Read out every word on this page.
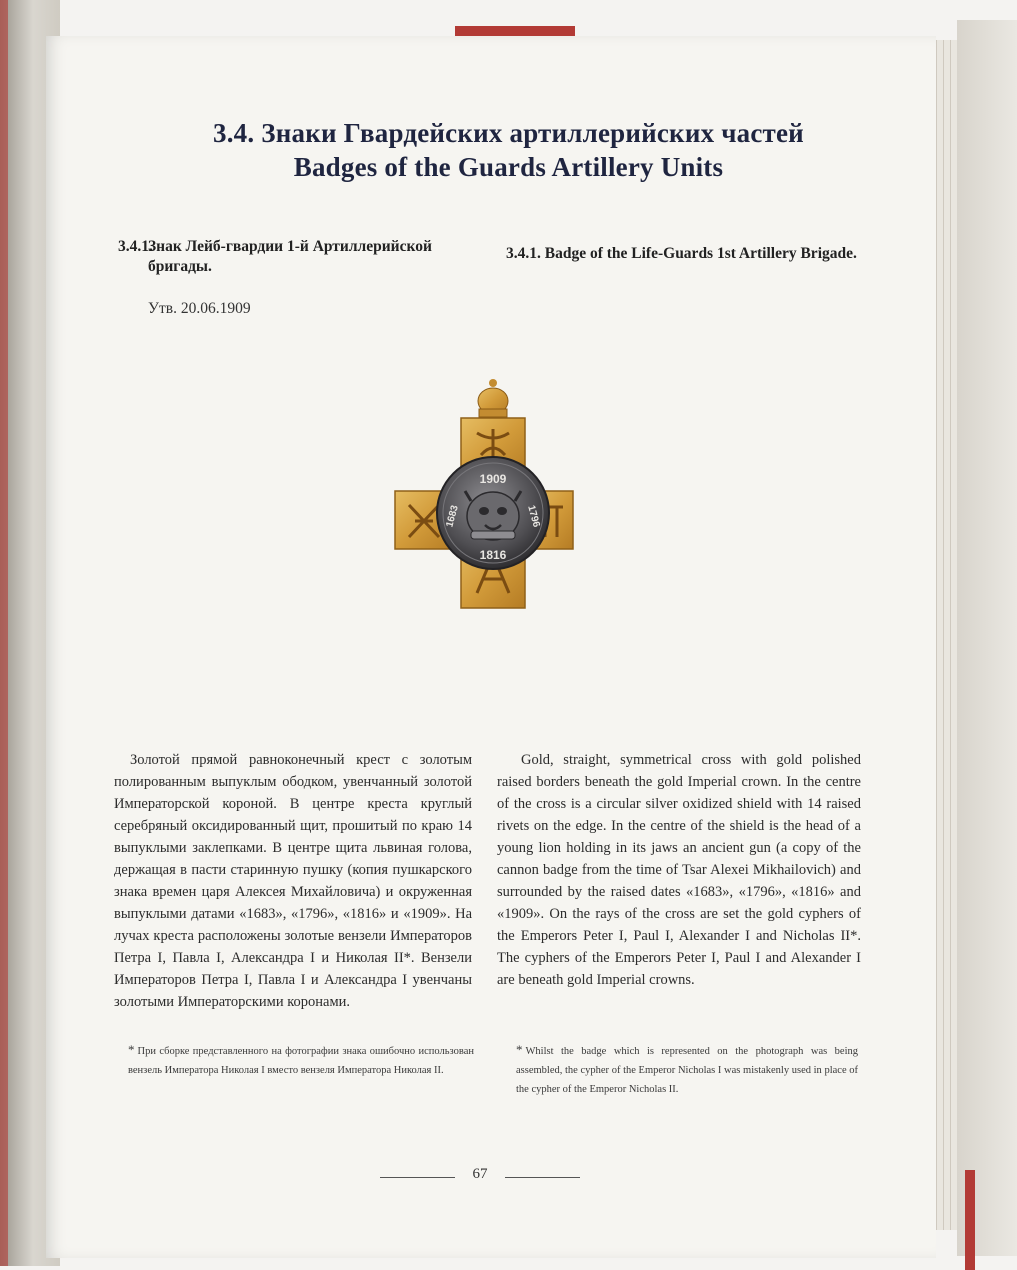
3.4. Знаки Гвардейских артиллерийских частей
Badges of the Guards Artillery Units
3.4.1.Знак Лейб-гвардии 1-й Артиллерийской
бригады.
3.4.1. Badge of the Life-Guards 1st Artillery Brigade.
Утв. 20.06.1909
1909
1816
1683	1796
Золотой прямой равноконечный крест с золотым полированным выпуклым ободком, увенчанный золотой Императорской короной. В центре креста круглый серебряный оксидированный щит, прошитый по краю 14 выпуклыми заклепками. В центре щита львиная голова, держащая в пасти старинную пушку (копия пушкарского знака времен царя Алексея Михайловича) и окруженная выпуклыми датами «1683», «1796», «1816» и «1909». На лучах креста расположены золотые вензели Императоров Петра I, Павла I, Александра I и Николая II*. Вензели Императоров Петра I, Павла I и Александра I увенчаны золотыми Императорскими коронами.
Gold, straight, symmetrical cross with gold polished raised borders beneath the gold Imperial crown. In the centre of the cross is a circular silver oxidized shield with 14 raised rivets on the edge. In the centre of the shield is the head of a young lion holding in its jaws an ancient gun (a copy of the cannon badge from the time of Tsar Alexei Mikhailovich) and surrounded by the raised dates «1683», «1796», «1816» and «1909». On the rays of the cross are set the gold cyphers of the Emperors Peter I, Paul I, Alexander I and Nicholas II*. The cyphers of the Emperors Peter I, Paul I and Alexander I are beneath gold Imperial crowns.
* При сборке представленного на фотографии знака ошибочно использован вензель Императора Николая I вместо вензеля Императора Николая II.
* Whilst the badge which is represented on the photograph was being assembled, the cypher of the Emperor Nicholas I was mistakenly used in place of the cypher of the Emperor Nicholas II.
67
